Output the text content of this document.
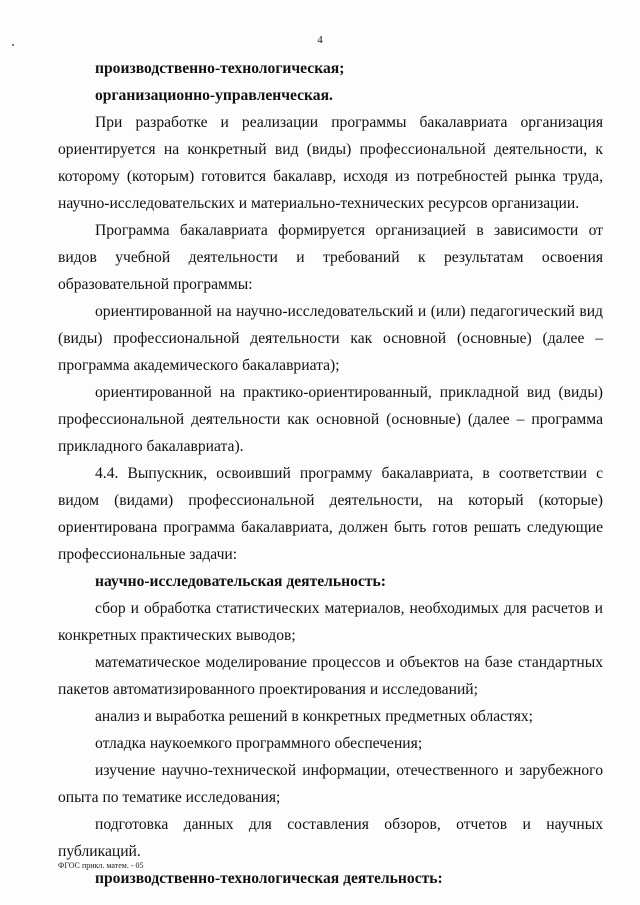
4

производственно-технологическая;

организационно-управленческая.

При разработке и реализации программы бакалавриата организация ориентируется на конкретный вид (виды) профессиональной деятельности, к которому (которым) готовится бакалавр, исходя из потребностей рынка труда, научно-исследовательских и материально-технических ресурсов организации.

Программа бакалавриата формируется организацией в зависимости от видов учебной деятельности и требований к результатам освоения образовательной программы:

ориентированной на научно-исследовательский и (или) педагогический вид (виды) профессиональной деятельности как основной (основные) (далее – программа академического бакалавриата);

ориентированной на практико-ориентированный, прикладной вид (виды) профессиональной деятельности как основной (основные) (далее – программа прикладного бакалавриата).

4.4. Выпускник, освоивший программу бакалавриата, в соответствии с видом (видами) профессиональной деятельности, на который (которые) ориентирована программа бакалавриата, должен быть готов решать следующие профессиональные задачи:

научно-исследовательская деятельность:

сбор и обработка статистических материалов, необходимых для расчетов и конкретных практических выводов;

математическое моделирование процессов и объектов на базе стандартных пакетов автоматизированного проектирования и исследований;

анализ и выработка решений в конкретных предметных областях;

отладка наукоемкого программного обеспечения;

изучение научно-технической информации, отечественного и зарубежного опыта по тематике исследования;

подготовка данных для составления обзоров, отчетов и научных публикаций.

производственно-технологическая деятельность:

ФГОС прикл. матем. - 05
